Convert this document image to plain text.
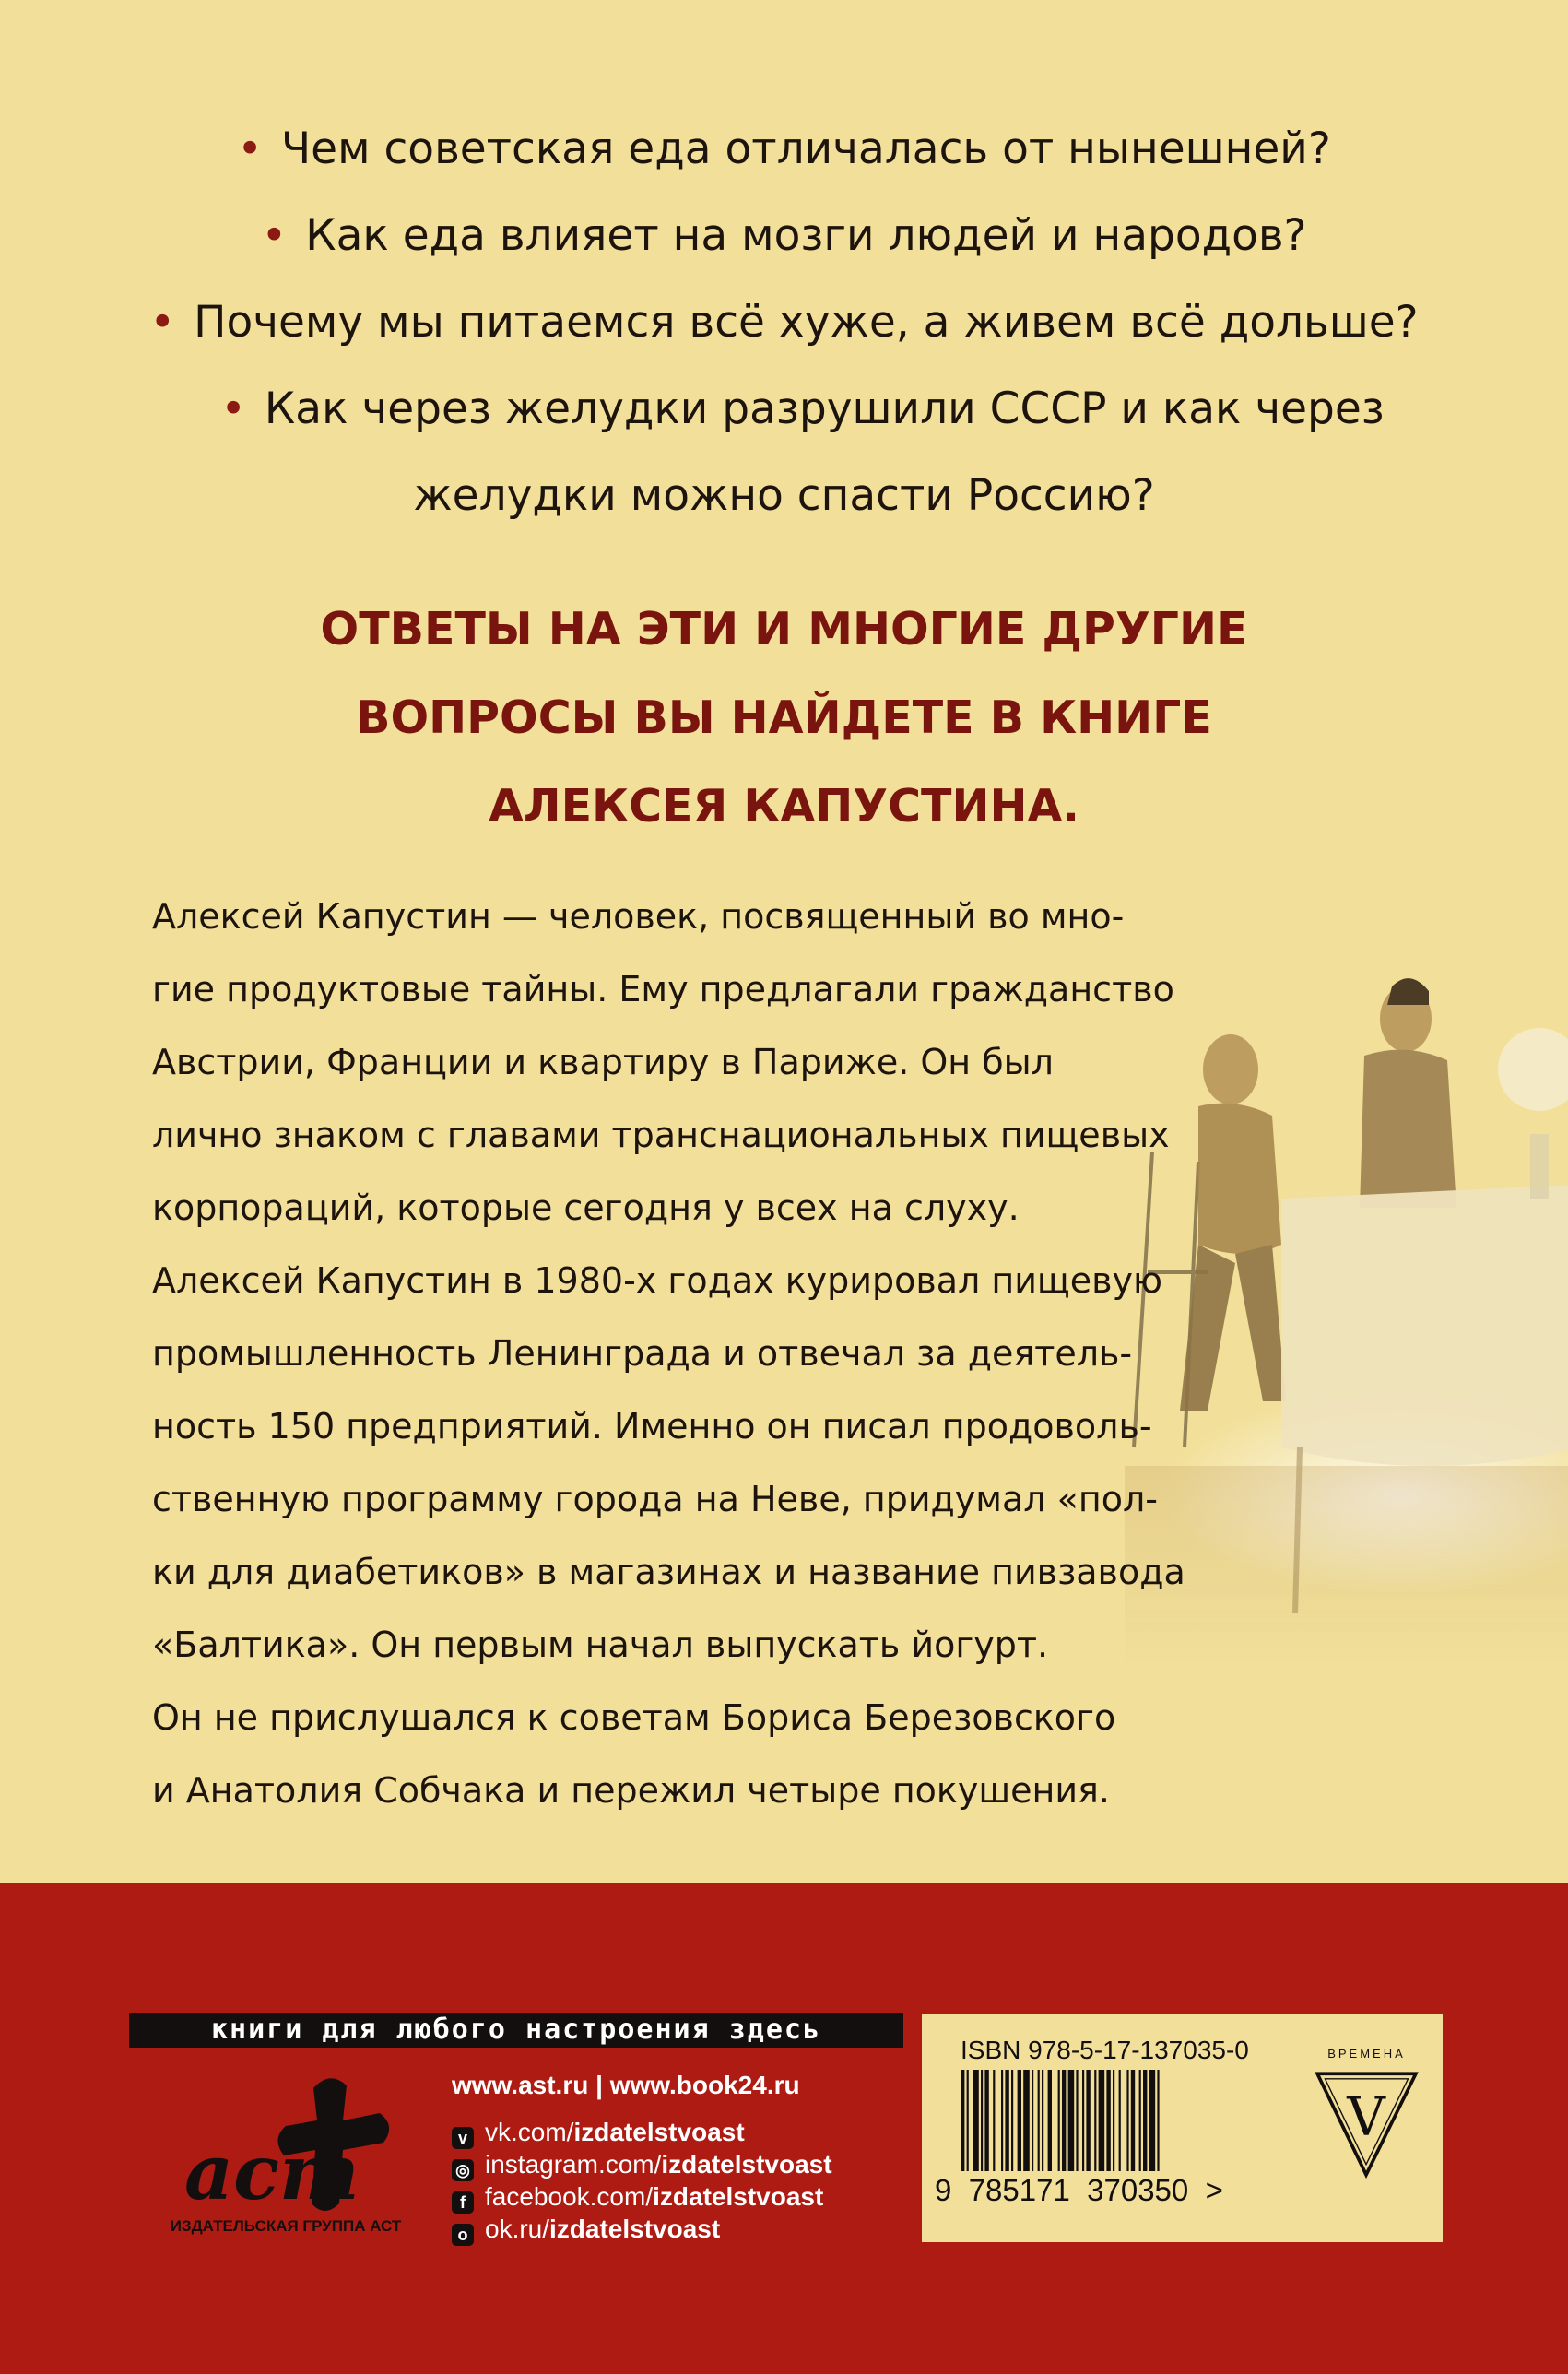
• Чем советская еда отличалась от нынешней?
• Как еда влияет на мозги людей и народов?
• Почему мы питаемся всё хуже, а живем всё дольше?
• Как через желудки разрушили СССР и как через
желудки можно спасти Россию?
ОТВЕТЫ НА ЭТИ И МНОГИЕ ДРУГИЕ
ВОПРОСЫ ВЫ НАЙДЕТЕ В КНИГЕ
АЛЕКСЕЯ КАПУСТИНА.
Алексей Капустин — человек, посвященный во мно-
гие продуктовые тайны. Ему предлагали гражданство
Австрии, Франции и квартиру в Париже. Он был
лично знаком с главами транснациональных пищевых
корпораций, которые сегодня у всех на слуху.
Алексей Капустин в 1980-х годах курировал пищевую
промышленность Ленинграда и отвечал за деятель-
ность 150 предприятий. Именно он писал продоволь-
ственную программу города на Неве, придумал «пол-
ки для диабетиков» в магазинах и название пивзавода
«Балтика». Он первым начал выпускать йогурт.
Он не прислушался к советам Бориса Березовского
и Анатолия Собчака и пережил четыре покушения.
книги для любого настроения здесь
аст
ИЗДАТЕЛЬСКАЯ ГРУППА АСТ
www.ast.ru | www.book24.ru
v vk.com/izdatelstvoast
◎ instagram.com/izdatelstvoast
f facebook.com/izdatelstvoast
о ok.ru/izdatelstvoast
ISBN 978-5-17-137035-0
9  785171  370350  >
ВРЕМЕНА
V
